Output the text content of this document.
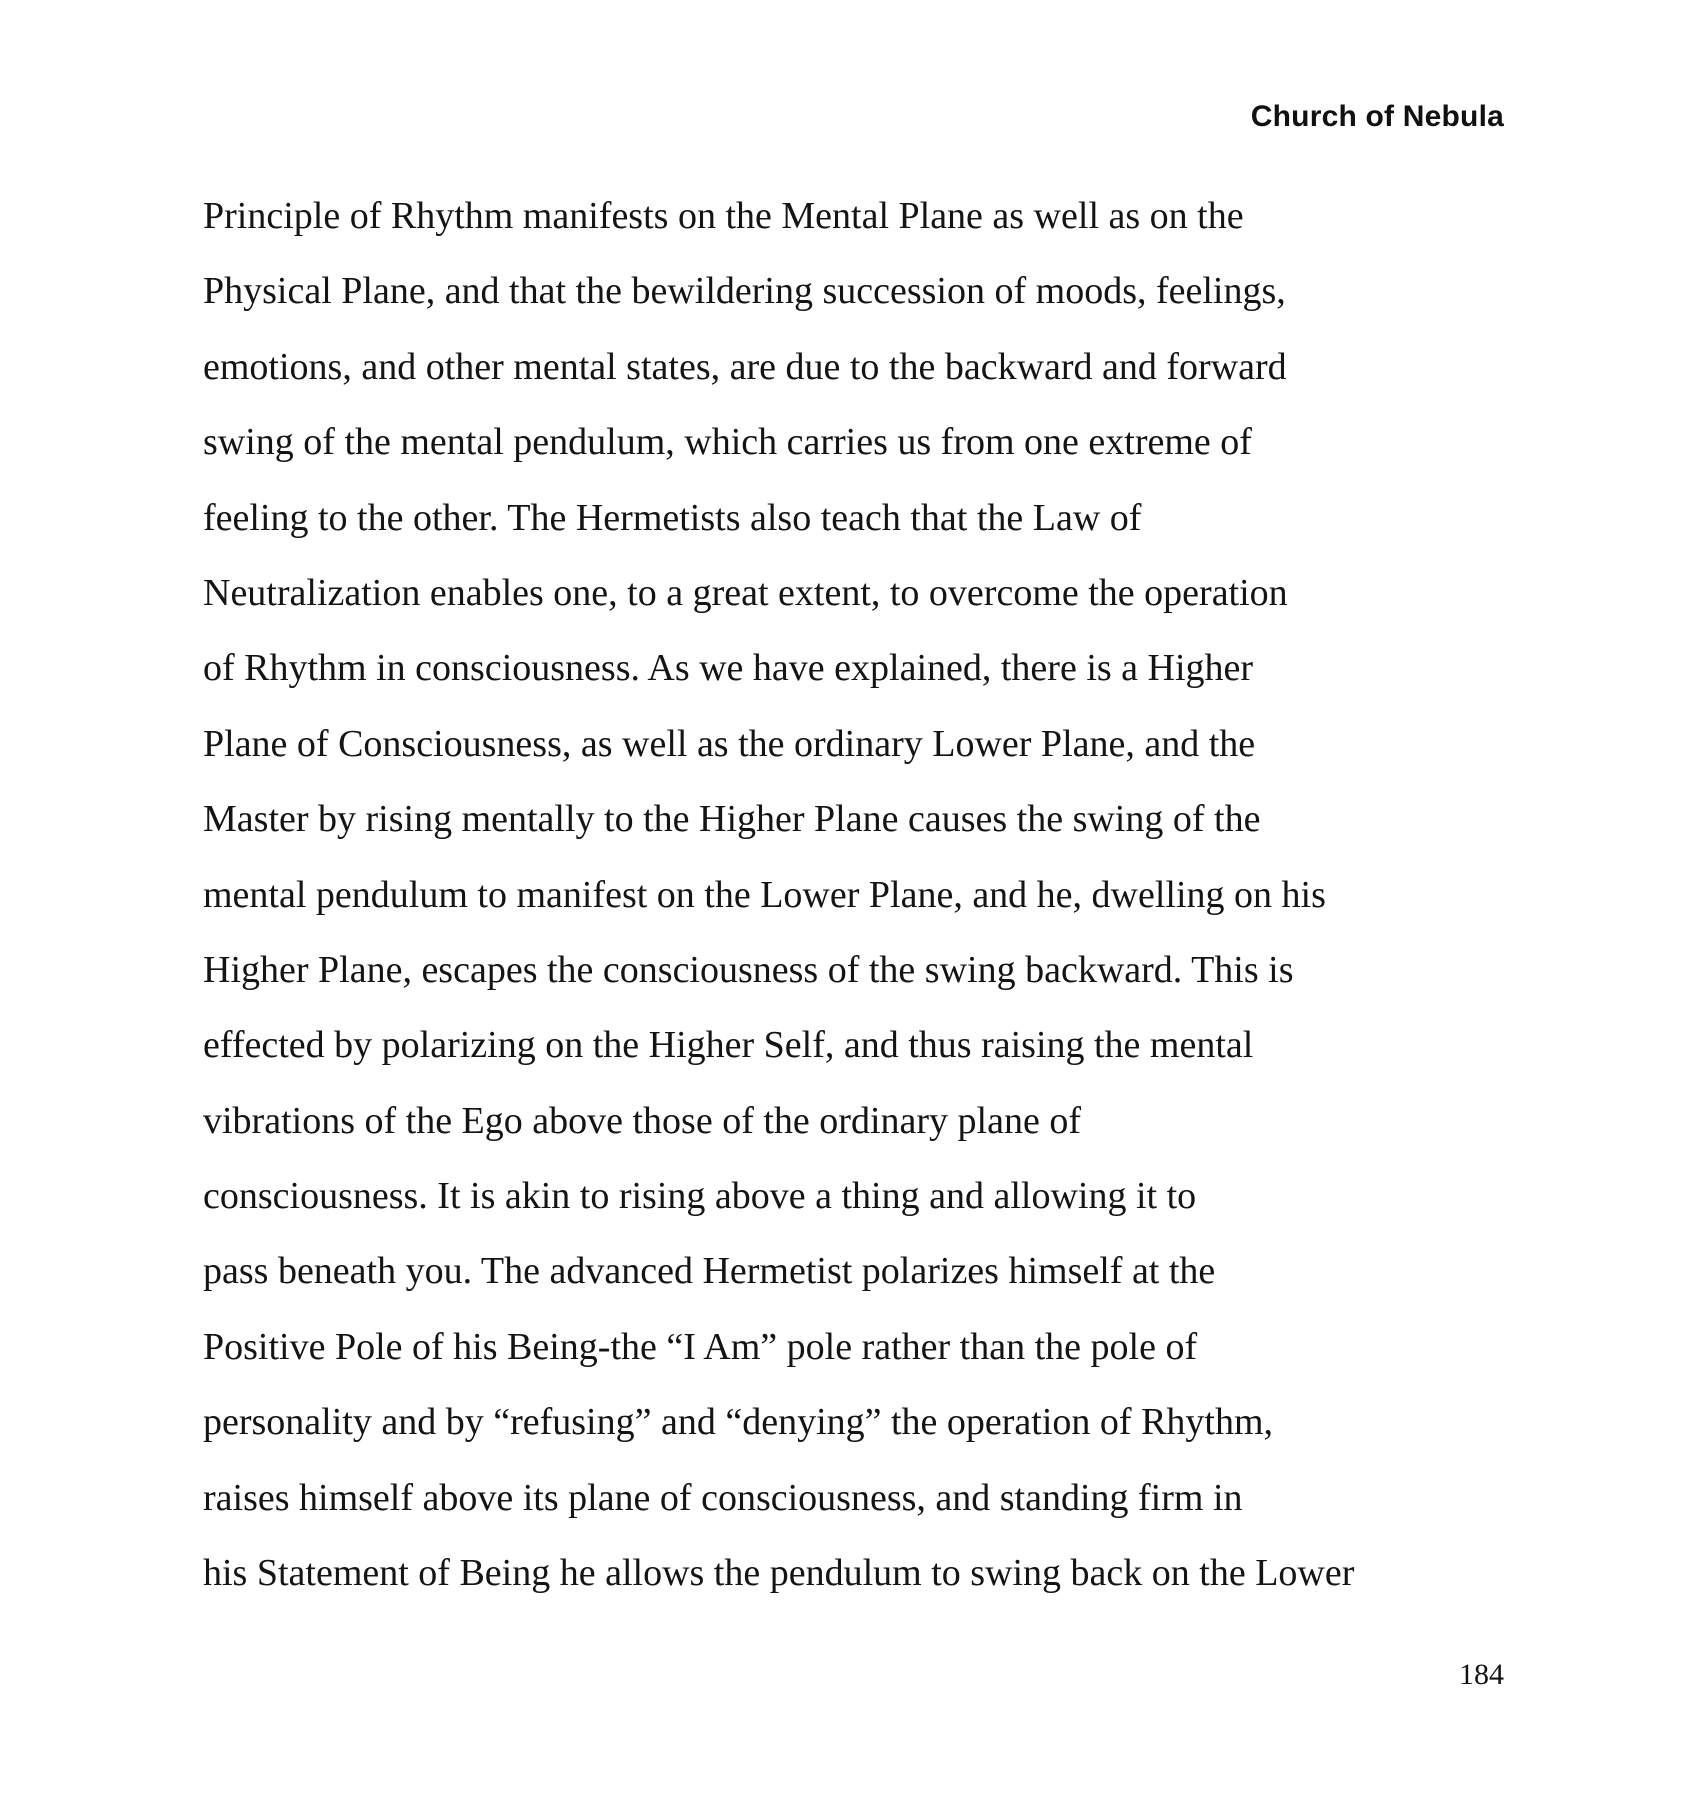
Church of Nebula
Principle of Rhythm manifests on the Mental Plane as well as on the
Physical Plane, and that the bewildering succession of moods, feelings,
emotions, and other mental states, are due to the backward and forward
swing of the mental pendulum, which carries us from one extreme of
feeling to the other. The Hermetists also teach that the Law of
Neutralization enables one, to a great extent, to overcome the operation
of Rhythm in consciousness. As we have explained, there is a Higher
Plane of Consciousness, as well as the ordinary Lower Plane, and the
Master by rising mentally to the Higher Plane causes the swing of the
mental pendulum to manifest on the Lower Plane, and he, dwelling on his
Higher Plane, escapes the consciousness of the swing backward. This is
effected by polarizing on the Higher Self, and thus raising the mental
vibrations of the Ego above those of the ordinary plane of
consciousness. It is akin to rising above a thing and allowing it to
pass beneath you. The advanced Hermetist polarizes himself at the
Positive Pole of his Being-the “I Am” pole rather than the pole of
personality and by “refusing” and “denying” the operation of Rhythm,
raises himself above its plane of consciousness, and standing firm in
his Statement of Being he allows the pendulum to swing back on the Lower
184
